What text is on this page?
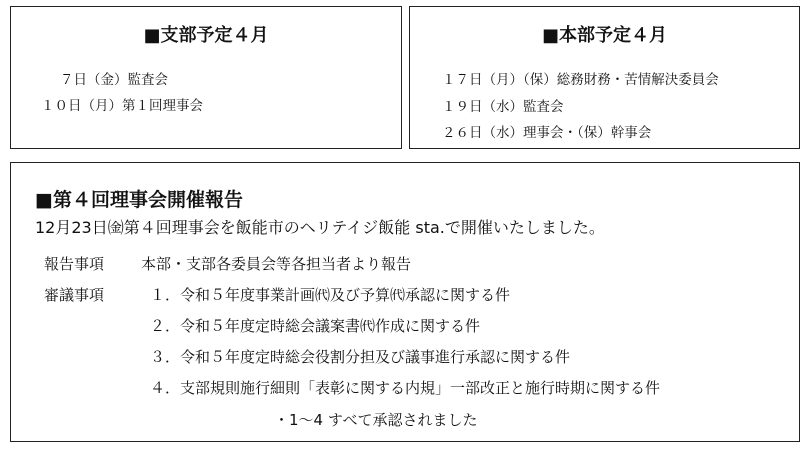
■支部予定４月
７日（金）監査会
１０日（月）第１回理事会
■本部予定４月
１７日（月）（保）総務財務・苦情解決委員会
１９日（水）監査会
２６日（水）理事会・（保）幹事会
■第４回理事会開催報告
12月23日㈮第４回理事会を飯能市のヘリテイジ飯能 sta.で開催いたしました。
報告事項 本部・支部各委員会等各担当者より報告
審議事項	１．令和５年度事業計画㈹及び予算㈹承認に関する件
２．令和５年度定時総会議案書㈹作成に関する件
３．令和５年度定時総会役割分担及び議事進行承認に関する件
４．支部規則施行細則「表彰に関する内規」一部改正と施行時期に関する件
・1～4 すべて承認されました
